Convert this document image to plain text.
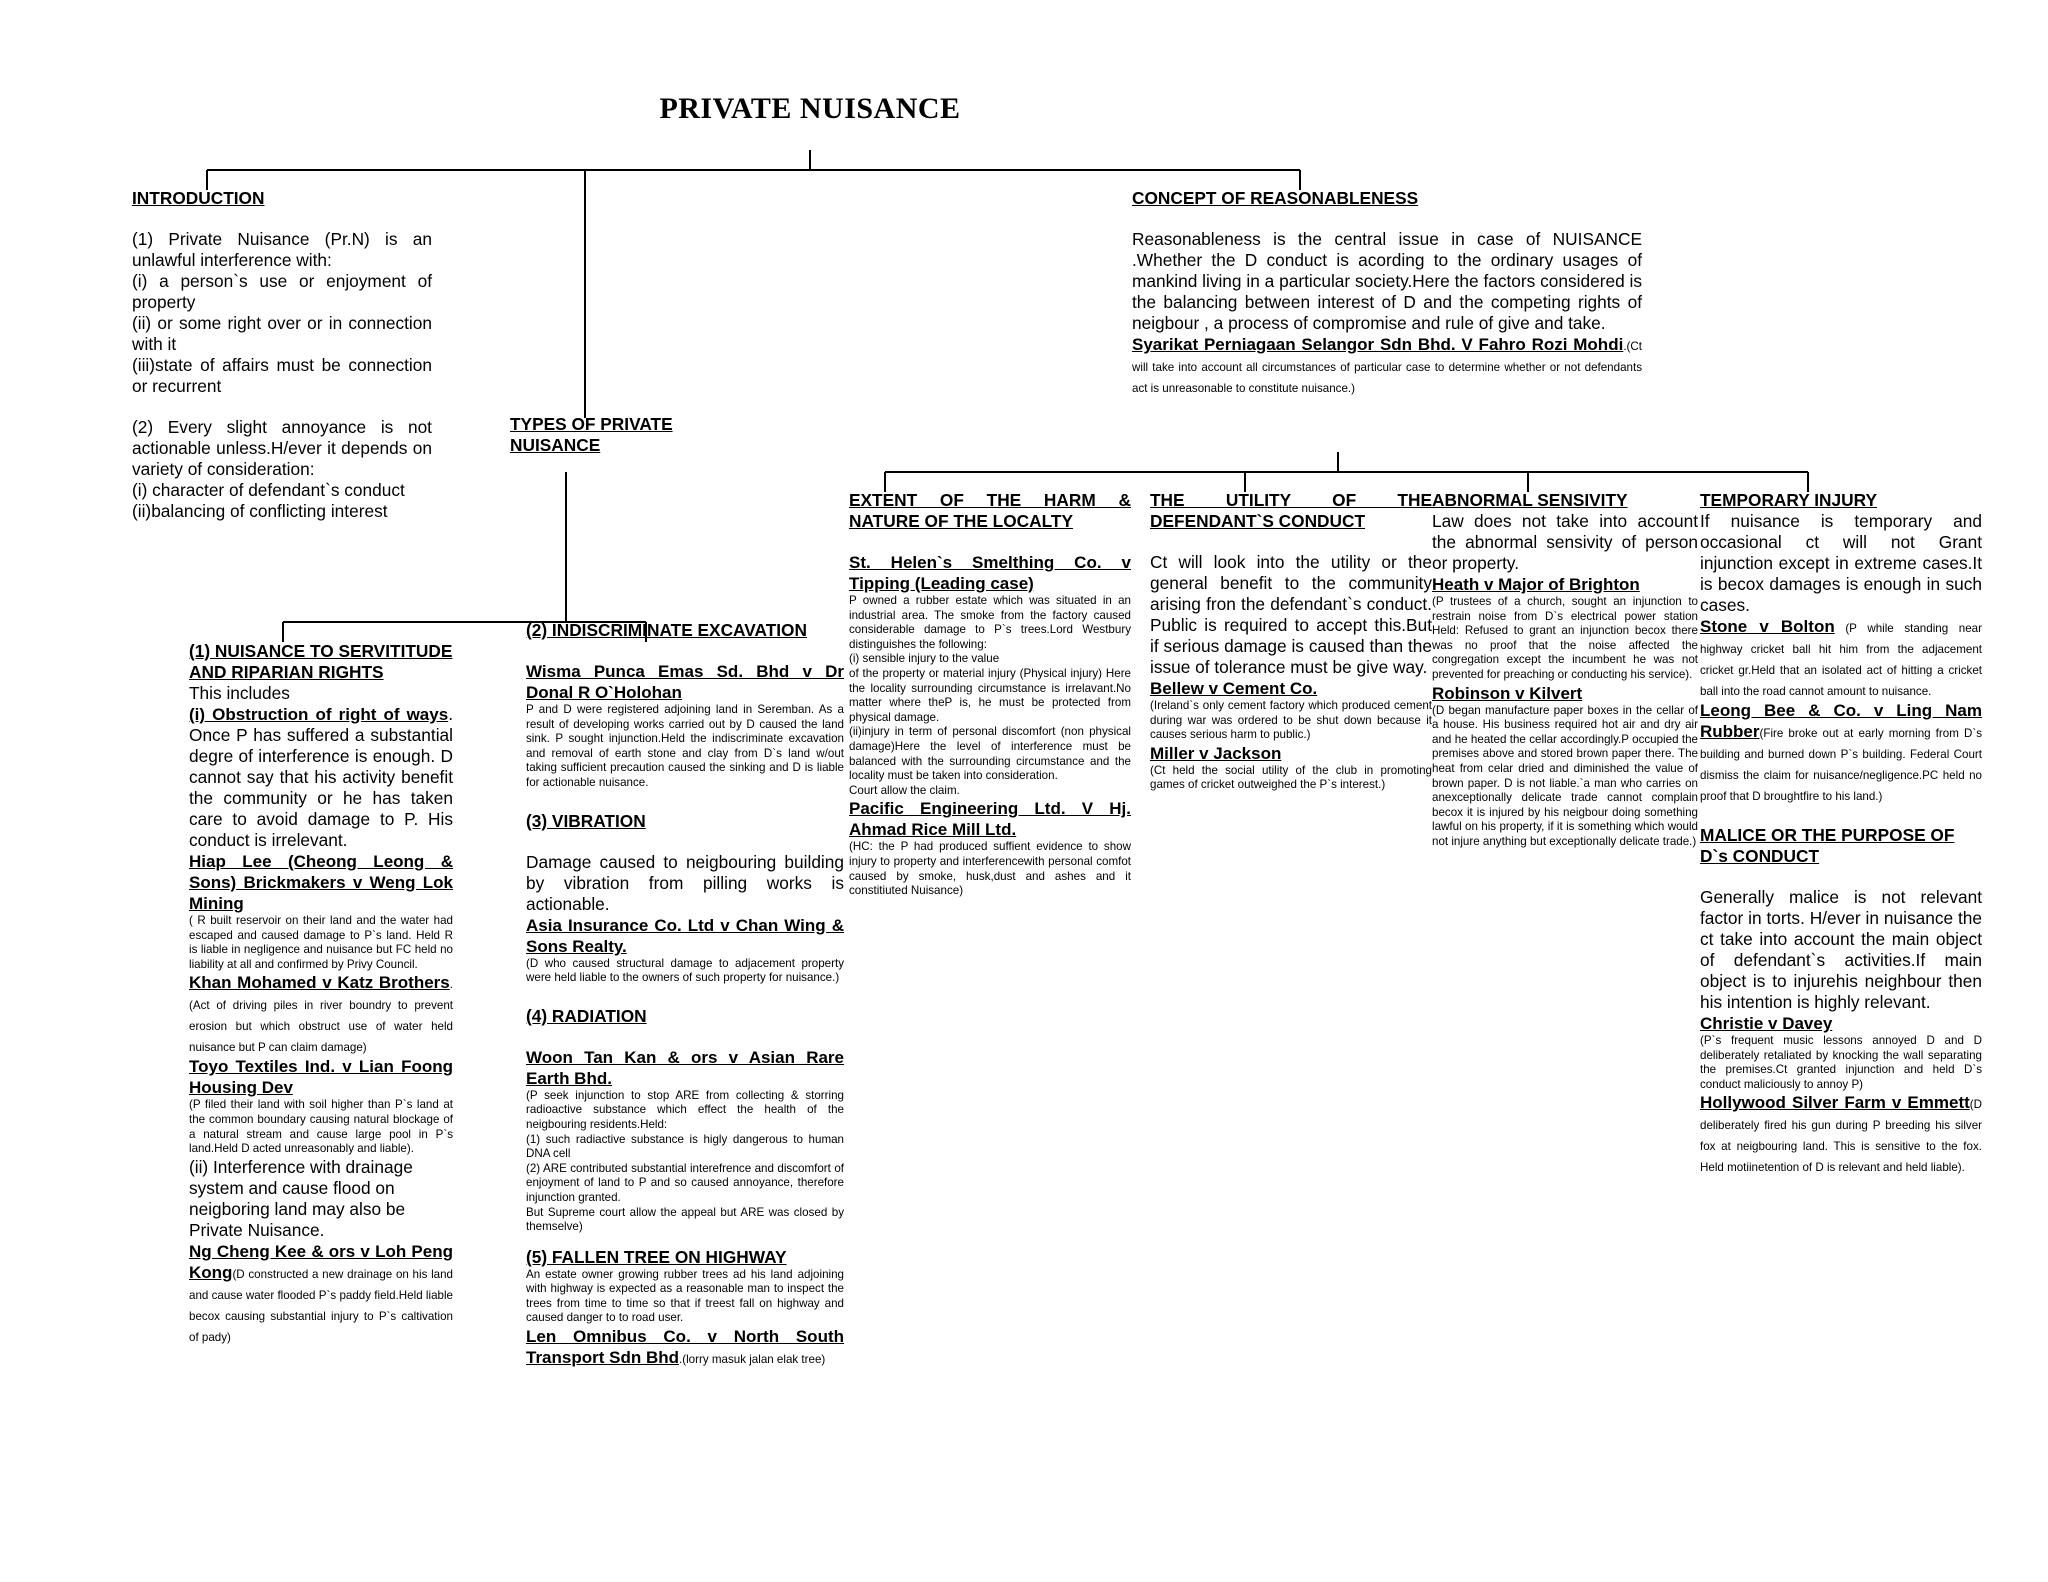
PRIVATE NUISANCE

INTRODUCTION

(1) Private Nuisance (Pr.N) is an unlawful interference with:

(i) a person`s use or enjoyment of property

(ii) or some right over or in connection with it

(iii)state of affairs must be connection or recurrent

(2) Every slight annoyance is not actionable unless.H/ever it depends on variety of consideration:

(i) character of defendant`s conduct

(ii)balancing of conflicting interest

TYPES OF PRIVATE NUISANCE

CONCEPT OF REASONABLENESS

Reasonableness is the central issue in case of NUISANCE .Whether the D conduct is acording to the ordinary usages of mankind living in a particular society.Here the factors considered is the balancing between interest of D and the competing rights of neigbour , a process of compromise and rule of give and take.

Syarikat Perniagaan Selangor Sdn Bhd. V Fahro Rozi Mohdi.(Ct will take into account all circumstances of particular case to determine whether or not defendants act is unreasonable to constitute nuisance.)

(1) NUISANCE TO SERVITITUDE AND RIPARIAN RIGHTS

This includes

(i) Obstruction of right of ways. Once P has suffered a substantial degre of interference is enough. D cannot say that his activity benefit the community or he has taken care to avoid damage to P. His conduct is irrelevant.

Hiap Lee (Cheong Leong & Sons) Brickmakers v Weng Lok Mining

( R built reservoir on their land and the water had escaped and caused damage to P`s land. Held R is liable in negligence and nuisance but FC held no liability at all and confirmed by Privy Council.

Khan Mohamed v Katz Brothers.(Act of driving piles in river boundry to prevent erosion but which obstruct use of water held nuisance but P can claim damage)

Toyo Textiles Ind. v Lian Foong Housing Dev

(P filed their land with soil higher than P`s land at the common boundary causing natural blockage of a natural stream and cause large pool in P`s land.Held D acted unreasonably and liable).

(ii) Interference with drainage system and cause flood on neigboring land may also be Private Nuisance.

Ng Cheng Kee & ors v Loh Peng Kong(D constructed a new drainage on his land and cause water flooded P`s paddy field.Held liable becox causing substantial injury to P`s caltivation of pady)

(2) INDISCRIMINATE EXCAVATION

Wisma Punca Emas Sd. Bhd v Dr Donal R O`Holohan

P and D were registered adjoining land in Seremban. As a result of developing works carried out by D caused the land sink. P sought injunction.Held the indiscriminate excavation and removal of earth stone and clay from D`s land w/out taking sufficient precaution caused the sinking and D is liable for actionable nuisance.

(3) VIBRATION

Damage caused to neigbouring building by vibration from pilling works is actionable.

Asia Insurance Co. Ltd v Chan Wing & Sons Realty.

(D who caused structural damage to adjacement property were held liable to the owners of such property for nuisance.)

(4) RADIATION

Woon Tan Kan & ors v Asian Rare Earth Bhd.

(P seek injunction to stop ARE from collecting & storring radioactive substance which effect the health of the neigbouring residents.Held:

(1) such radiactive substance is higly dangerous to human DNA cell

(2) ARE contributed substantial interefrence and discomfort of enjoyment of land to P and so caused annoyance, therefore injunction granted.

But Supreme court allow the appeal but ARE was closed by themselve)

(5) FALLEN TREE ON HIGHWAY

An estate owner growing rubber trees ad his land adjoining with highway is expected as a reasonable man to inspect the trees from time to time so that if treest fall on highway and caused danger to to road user.

Len Omnibus Co. v North South Transport Sdn Bhd.(lorry masuk jalan elak tree)

EXTENT OF THE HARM & NATURE OF THE LOCALTY

St. Helen`s Smelthing Co. v Tipping (Leading case)

P owned a rubber estate which was situated in an industrial area. The smoke from the factory caused considerable damage to P`s trees.Lord Westbury distinguishes the following:

(i) sensible injury to the value

of the property or material injury (Physical injury) Here the locality surrounding circumstance is irrelavant.No matter where theP is, he must be protected from physical damage.

(ii)injury in term of personal discomfort (non physical damage)Here the level of interference must be balanced with the surrounding circumstance and the locality must be taken into consideration.

Court allow the claim.

Pacific Engineering Ltd. V Hj. Ahmad Rice Mill Ltd.

(HC: the P had produced suffient evidence to show injury to property and interferencewith personal comfot caused by smoke, husk,dust and ashes and it constitiuted Nuisance)

THE UTILITY OF THE DEFENDANT`S CONDUCT

Ct will look into the utility or the general benefit to the community arising fron the defendant`s conduct. Public is required to accept this.But if serious damage is caused than the issue of tolerance must be give way.

Bellew v Cement Co.

(Ireland`s only cement factory which produced cement during war was ordered to be shut down because it causes serious harm to public.)

Miller v Jackson

(Ct held the social utility of the club in promoting games of cricket outweighed the P`s interest.)

ABNORMAL SENSIVITY

Law does not take into account the abnormal sensivity of person or property.

Heath v Major of Brighton

(P trustees of a church, sought an injunction to restrain noise from D`s electrical power station Held: Refused to grant an injunction becox there was no proof that the noise affected the congregation except the incumbent he was not prevented for preaching or conducting his service).

Robinson v Kilvert

(D began manufacture paper boxes in the cellar of a house. His business required hot air and dry air and he heated the cellar accordingly.P occupied the premises above and stored brown paper there. The heat from celar dried and diminished the value of brown paper. D is not liable.`a man who carries on anexceptionally delicate trade cannot complain becox it is injured by his neigbour doing something lawful on his property, if it is something which would not injure anything but exceptionally delicate trade.)

TEMPORARY INJURY

If nuisance is temporary and occasional ct will not Grant injunction except in extreme cases.It is becox damages is enough in such cases.

Stone v Bolton (P while standing near highway cricket ball hit him from the adjacement cricket gr.Held that an isolated act of hitting a cricket ball into the road cannot amount to nuisance.

Leong Bee & Co. v Ling Nam Rubber(Fire broke out at early morning from D`s building and burned down P`s building. Federal Court dismiss the claim for nuisance/negligence.PC held no proof that D broughtfire to his land.)

MALICE OR THE PURPOSE OF D`s CONDUCT

Generally malice is not relevant factor in torts. H/ever in nuisance the ct take into account the main object of defendant`s activities.If main object is to injurehis neighbour then his intention is highly relevant.

Christie v Davey

(P`s frequent music lessons annoyed D and D deliberately retaliated by knocking the wall separating the premises.Ct granted injunction and held D`s conduct maliciously to annoy P)

Hollywood Silver Farm v Emmett(D deliberately fired his gun during P breeding his silver fox at neigbouring land. This is sensitive to the fox. Held motiinetention of D is relevant and held liable).
